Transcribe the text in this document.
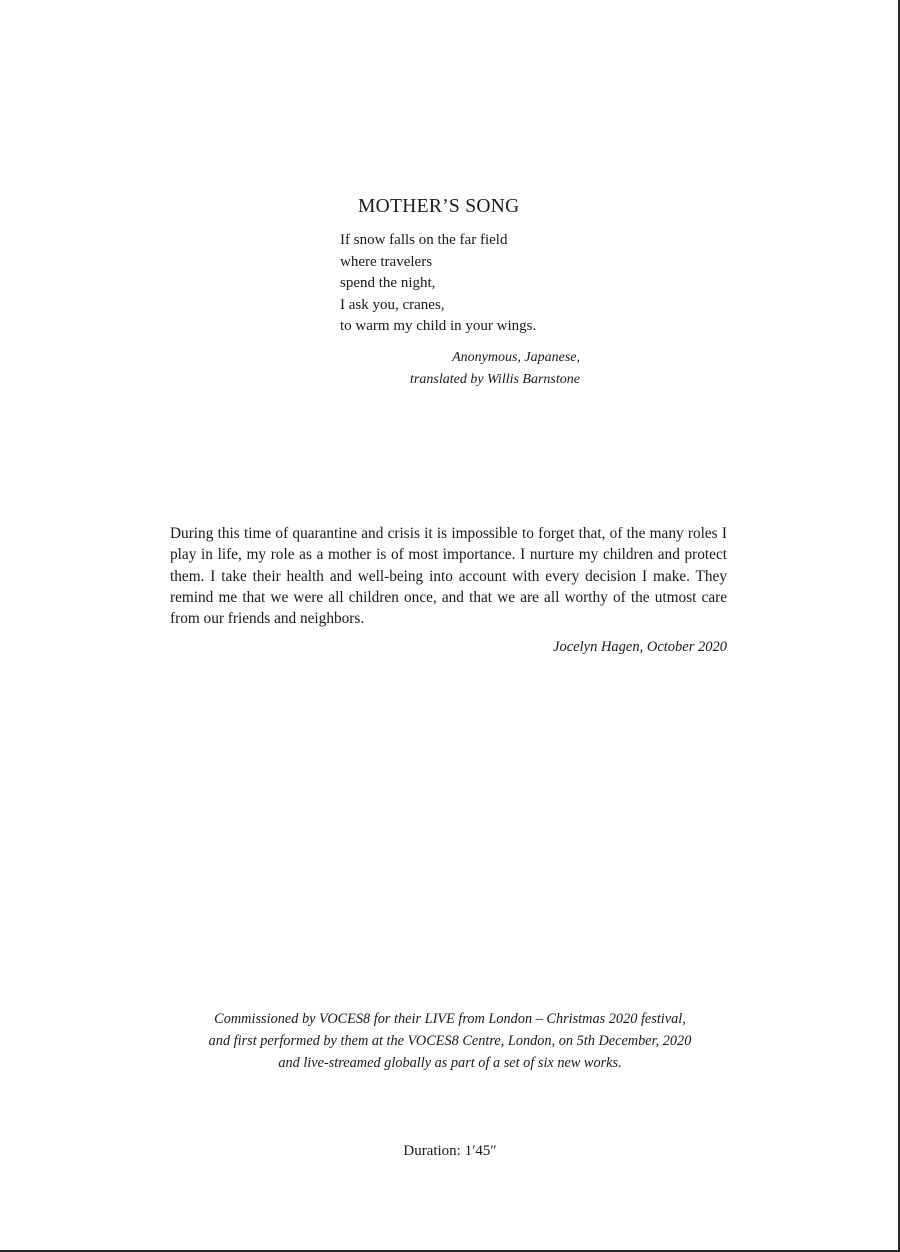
MOTHER’S SONG
If snow falls on the far field
where travelers
spend the night,
I ask you, cranes,
to warm my child in your wings.
Anonymous, Japanese,
translated by Willis Barnstone

During this time of quarantine and crisis it is impossible to forget that, of the many roles I play in life, my role as a mother is of most importance. I nurture my children and protect them. I take their health and well-being into account with every decision I make. They remind me that we were all children once, and that we are all worthy of the utmost care from our friends and neighbors.

Jocelyn Hagen, October 2020
Commissioned by VOCES8 for their LIVE from London – Christmas 2020 festival,
and first performed by them at the VOCES8 Centre, London, on 5th December, 2020
and live-streamed globally as part of a set of six new works.
Duration: 1′45″
